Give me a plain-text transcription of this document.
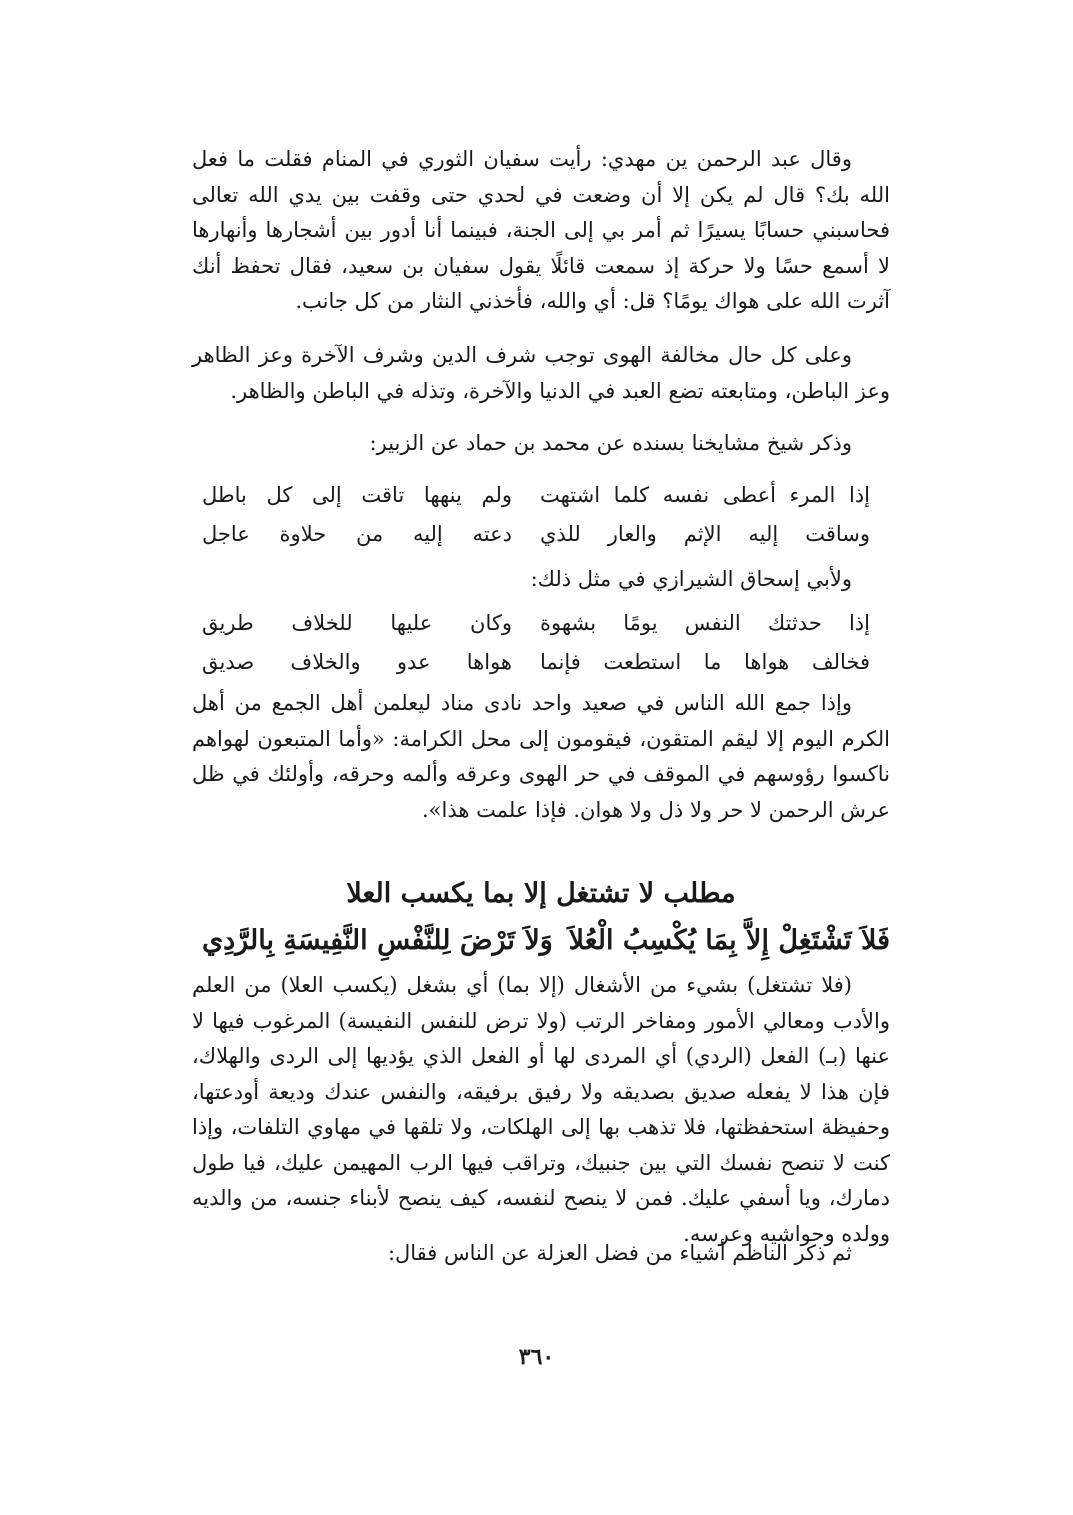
وقال عبد الرحمن ين مهدي: رأيت سفيان الثوري في المنام فقلت ما فعل الله بك؟ قال لم يكن إلا أن وضعت في لحدي حتى وقفت بين يدي الله تعالى فحاسبني حسابًا يسيرًا ثم أمر بي إلى الجنة، فبينما أنا أدور بين أشجارها وأنهارها لا أسمع حسًا ولا حركة إذ سمعت قائلًا يقول سفيان بن سعيد، فقال تحفظ أنك آثرت الله على هواك يومًا؟ قل: أي والله، فأخذني النثار من كل جانب.

وعلى كل حال مخالفة الهوى توجب شرف الدين وشرف الآخرة وعز الظاهر وعز الباطن، ومتابعته تضع العبد في الدنيا والآخرة، وتذله في الباطن والظاهر.

وذكر شيخ مشايخنا بسنده عن محمد بن حماد عن الزبير:

إذا المرء أعطى نفسه كلما اشتهت
ولم ينهها تاقت إلى كل باطل
وساقت إليه الإثم والعار للذي
دعته إليه من حلاوة عاجل

ولأبي إسحاق الشيرازي في مثل ذلك:

إذا حدثتك النفس يومًا بشهوة
وكان عليها للخلاف طريق
فخالف هواها ما استطعت فإنما
هواها عدو والخلاف صديق

وإذا جمع الله الناس في صعيد واحد نادى مناد ليعلمن أهل الجمع من أهل الكرم اليوم إلا ليقم المتقون، فيقومون إلى محل الكرامة: «وأما المتبعون لهواهم ناكسوا رؤوسهم في الموقف في حر الهوى وعرقه وألمه وحرقه، وأولئك في ظل عرش الرحمن لا حر ولا ذل ولا هوان. فإذا علمت هذا».

مطلب لا تشتغل إلا بما يكسب العلا
فَلاَ تَشْتَغِلْ إِلاَّ بِمَا يُكْسِبُ الْعُلاَ
وَلاَ تَرْضَ لِلنَّفْسِ النَّفِيسَةِ بِالرَّدِي

(فلا تشتغل) بشيء من الأشغال (إلا بما) أي بشغل (يكسب العلا) من العلم والأدب ومعالي الأمور ومفاخر الرتب (ولا ترض للنفس النفيسة) المرغوب فيها لا عنها (بـ) الفعل (الردي) أي المردى لها أو الفعل الذي يؤديها إلى الردى والهلاك، فإن هذا لا يفعله صديق بصديقه ولا رفيق برفيقه، والنفس عندك وديعة أودعتها، وحفيظة استحفظتها، فلا تذهب بها إلى الهلكات، ولا تلقها في مهاوي التلفات، وإذا كنت لا تنصح نفسك التي بين جنبيك، وتراقب فيها الرب المهيمن عليك، فيا طول دمارك، ويا أسفي عليك. فمن لا ينصح لنفسه، كيف ينصح لأبناء جنسه، من والديه وولده وحواشيه وعرسه.

ثم ذكر الناظم أشياء من فضل العزلة عن الناس فقال:

٣٦٠
